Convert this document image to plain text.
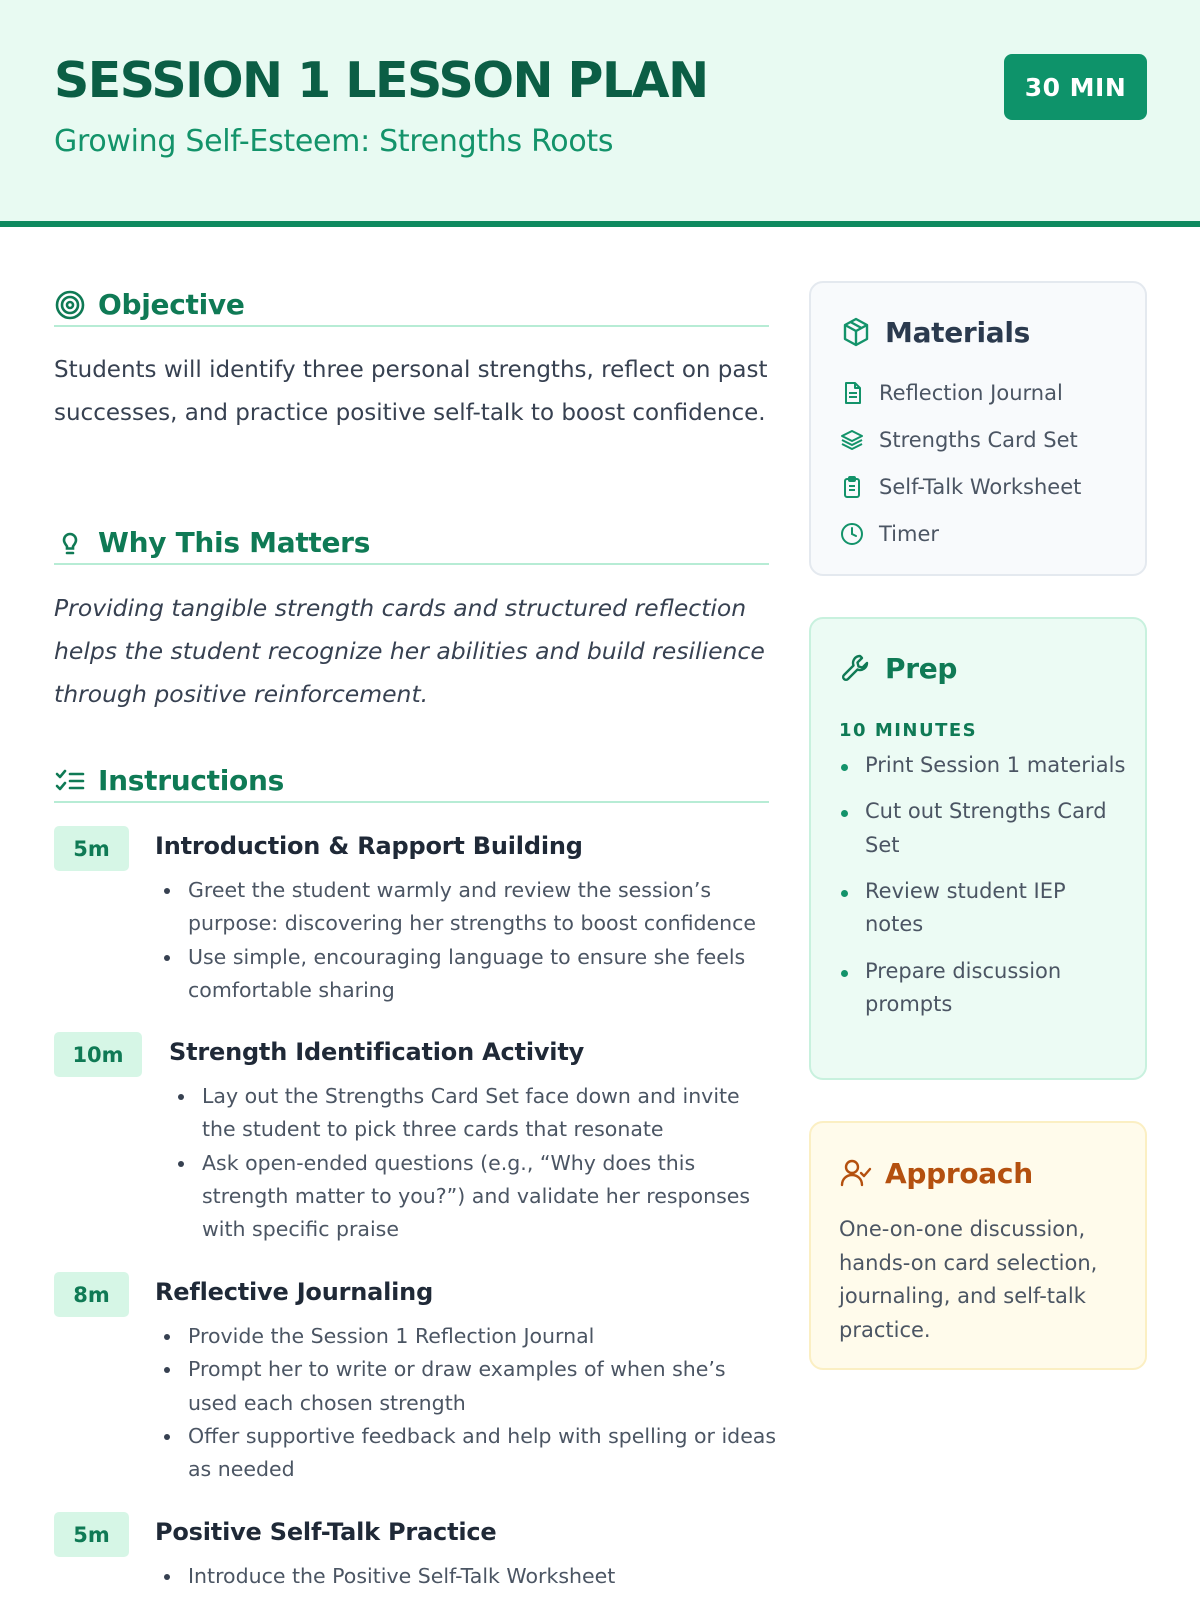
SESSION 1 LESSON PLAN
Growing Self-Esteem: Strengths Roots
30 MIN
Objective

Students will identify three personal strengths, reflect on past successes, and practice positive self-talk to boost confidence.

Why This Matters

Providing tangible strength cards and structured reflection helps the student recognize her abilities and build resilience through positive reinforcement.

Instructions
5m	Introduction & Rapport Building
Greet the student warmly and review the session’s purpose: discovering her strengths to boost confidence
Use simple, encouraging language to ensure she feels comfortable sharing
10m	Strength Identification Activity
Lay out the Strengths Card Set face down and invite the student to pick three cards that resonate
Ask open-ended questions (e.g., “Why does this strength matter to you?”) and validate her responses with specific praise
8m	Reflective Journaling
Provide the Session 1 Reflection Journal
Prompt her to write or draw examples of when she’s used each chosen strength
Offer supportive feedback and help with spelling or ideas as needed
5m	Positive Self-Talk Practice
Introduce the Positive Self-Talk Worksheet
Materials
Reflection Journal
Strengths Card Set
Self-Talk Worksheet
Timer
Prep
10 MINUTES
Print Session 1 materials
Cut out Strengths Card Set
Review student IEP notes
Prepare discussion prompts
Approach

One-on-one discussion, hands-on card selection, journaling, and self-talk practice.
